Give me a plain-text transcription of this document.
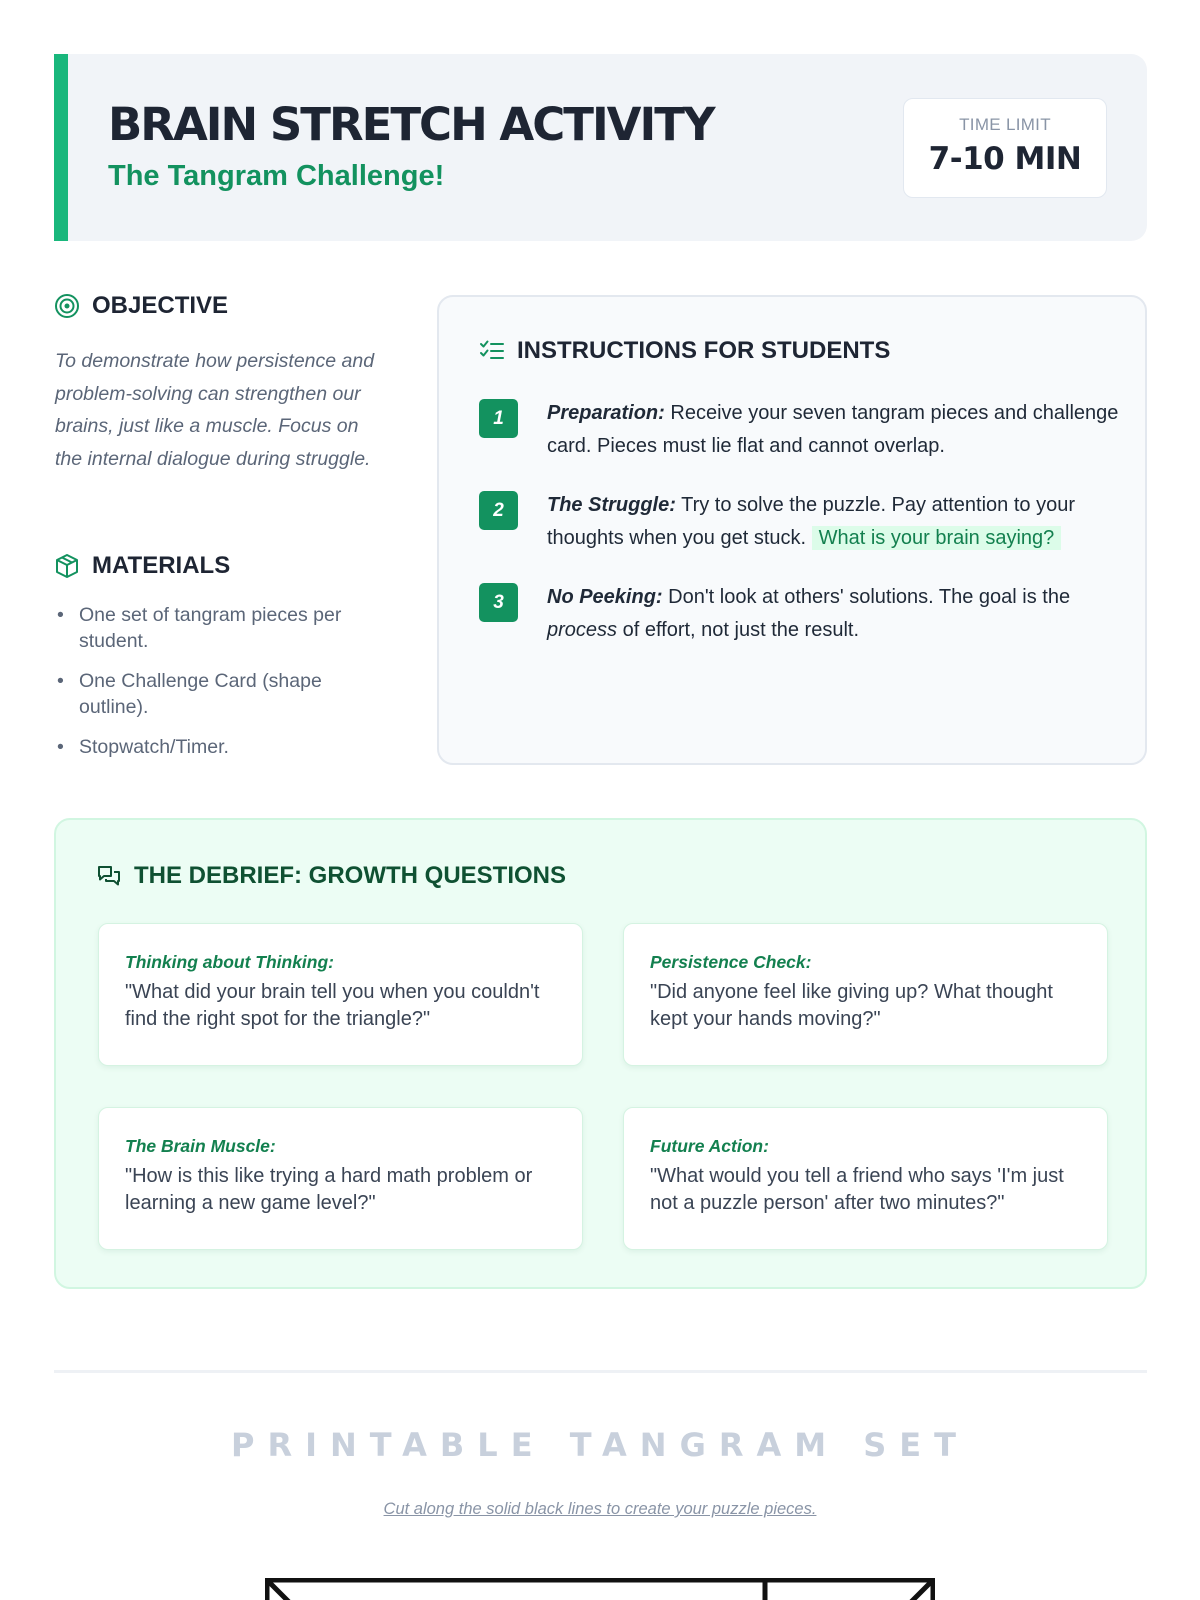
BRAIN STRETCH ACTIVITY
The Tangram Challenge!
TIME LIMIT
7-10 MIN
OBJECTIVE
To demonstrate how persistence and problem-solving can strengthen our brains, just like a muscle. Focus on the internal dialogue during struggle.
MATERIALS
• One set of tangram pieces per student.
• One Challenge Card (shape outline).
• Stopwatch/Timer.
INSTRUCTIONS FOR STUDENTS
1	Preparation: Receive your seven tangram pieces and challenge card. Pieces must lie flat and cannot overlap.
2	The Struggle: Try to solve the puzzle. Pay attention to your thoughts when you get stuck. What is your brain saying?
3	No Peeking: Don't look at others' solutions. The goal is the process of effort, not just the result.
THE DEBRIEF: GROWTH QUESTIONS
Thinking about Thinking:
"What did your brain tell you when you couldn't find the right spot for the triangle?"
Persistence Check:
"Did anyone feel like giving up? What thought kept your hands moving?"
The Brain Muscle:
"How is this like trying a hard math problem or learning a new game level?"
Future Action:
"What would you tell a friend who says 'I'm just not a puzzle person' after two minutes?"
PRINTABLE TANGRAM SET
Cut along the solid black lines to create your puzzle pieces.
